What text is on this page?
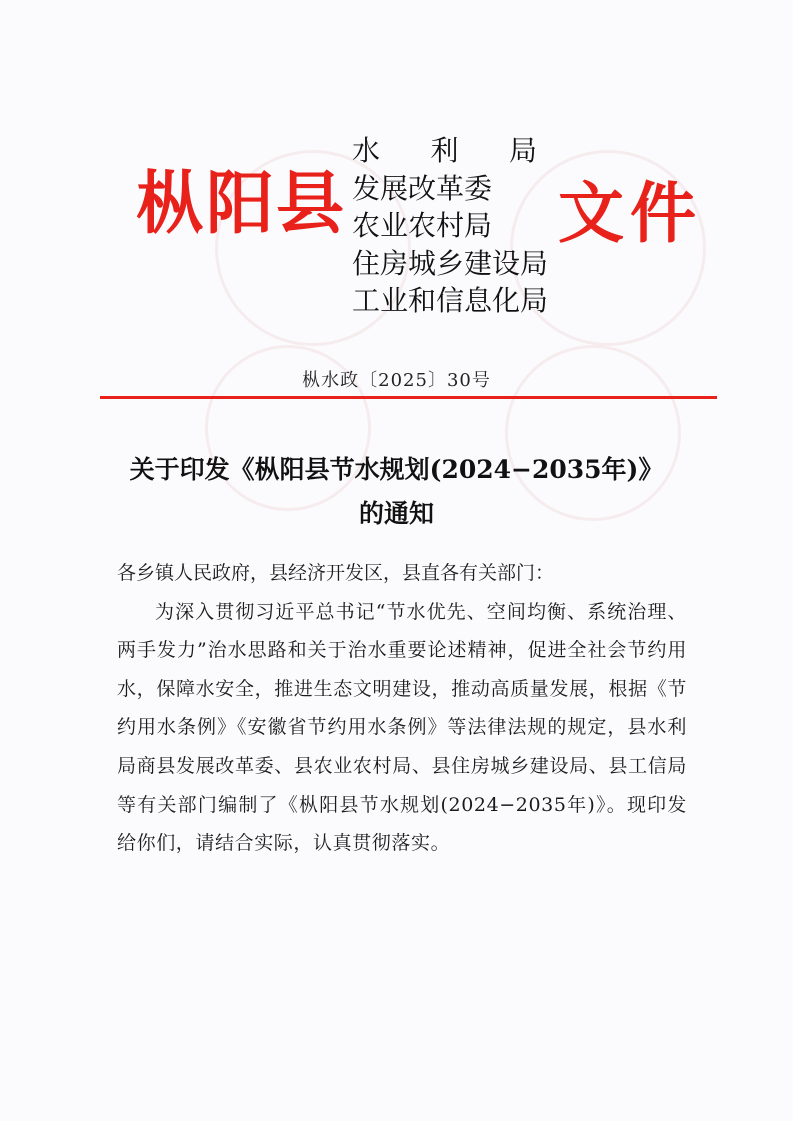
枞阳县
水 利 局
发展改革委
农业农村局
住房城乡建设局
工业和信息化局
文件
枞水政〔2025〕30号
关于印发《枞阳县节水规划(2024−2035年)》
的通知

各乡镇人民政府，县经济开发区，县直各有关部门：

为深入贯彻习近平总书记“节水优先、空间均衡、系统治理、两手发力”治水思路和关于治水重要论述精神，促进全社会节约用水，保障水安全，推进生态文明建设，推动高质量发展，根据《节约用水条例》《安徽省节约用水条例》等法律法规的规定，县水利局商县发展改革委、县农业农村局、县住房城乡建设局、县工信局等有关部门编制了《枞阳县节水规划(2024−2035年)》。现印发给你们，请结合实际，认真贯彻落实。
